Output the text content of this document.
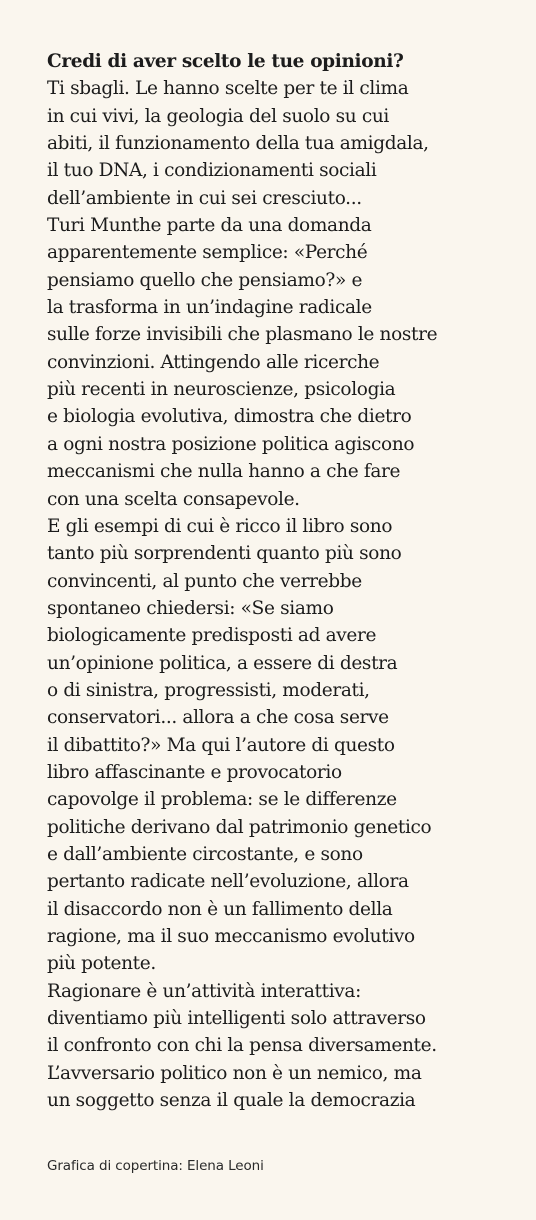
Credi di aver scelto le tue opinioni?
Ti sbagli. Le hanno scelte per te il clima
in cui vivi, la geologia del suolo su cui
abiti, il funzionamento della tua amigdala,
il tuo DNA, i condizionamenti sociali
dell’ambiente in cui sei cresciuto...
Turi Munthe parte da una domanda
apparentemente semplice: «Perché
pensiamo quello che pensiamo?» e
la trasforma in un’indagine radicale
sulle forze invisibili che plasmano le nostre
convinzioni. Attingendo alle ricerche
più recenti in neuroscienze, psicologia
e biologia evolutiva, dimostra che dietro
a ogni nostra posizione politica agiscono
meccanismi che nulla hanno a che fare
con una scelta consapevole.
E gli esempi di cui è ricco il libro sono
tanto più sorprendenti quanto più sono
convincenti, al punto che verrebbe
spontaneo chiedersi: «Se siamo
biologicamente predisposti ad avere
un’opinione politica, a essere di destra
o di sinistra, progressisti, moderati,
conservatori... allora a che cosa serve
il dibattito?» Ma qui l’autore di questo
libro affascinante e provocatorio
capovolge il problema: se le differenze
politiche derivano dal patrimonio genetico
e dall’ambiente circostante, e sono
pertanto radicate nell’evoluzione, allora
il disaccordo non è un fallimento della
ragione, ma il suo meccanismo evolutivo
più potente.
Ragionare è un’attività interattiva:
diventiamo più intelligenti solo attraverso
il confronto con chi la pensa diversamente.
L’avversario politico non è un nemico, ma
un soggetto senza il quale la democrazia
Grafica di copertina: Elena Leoni
